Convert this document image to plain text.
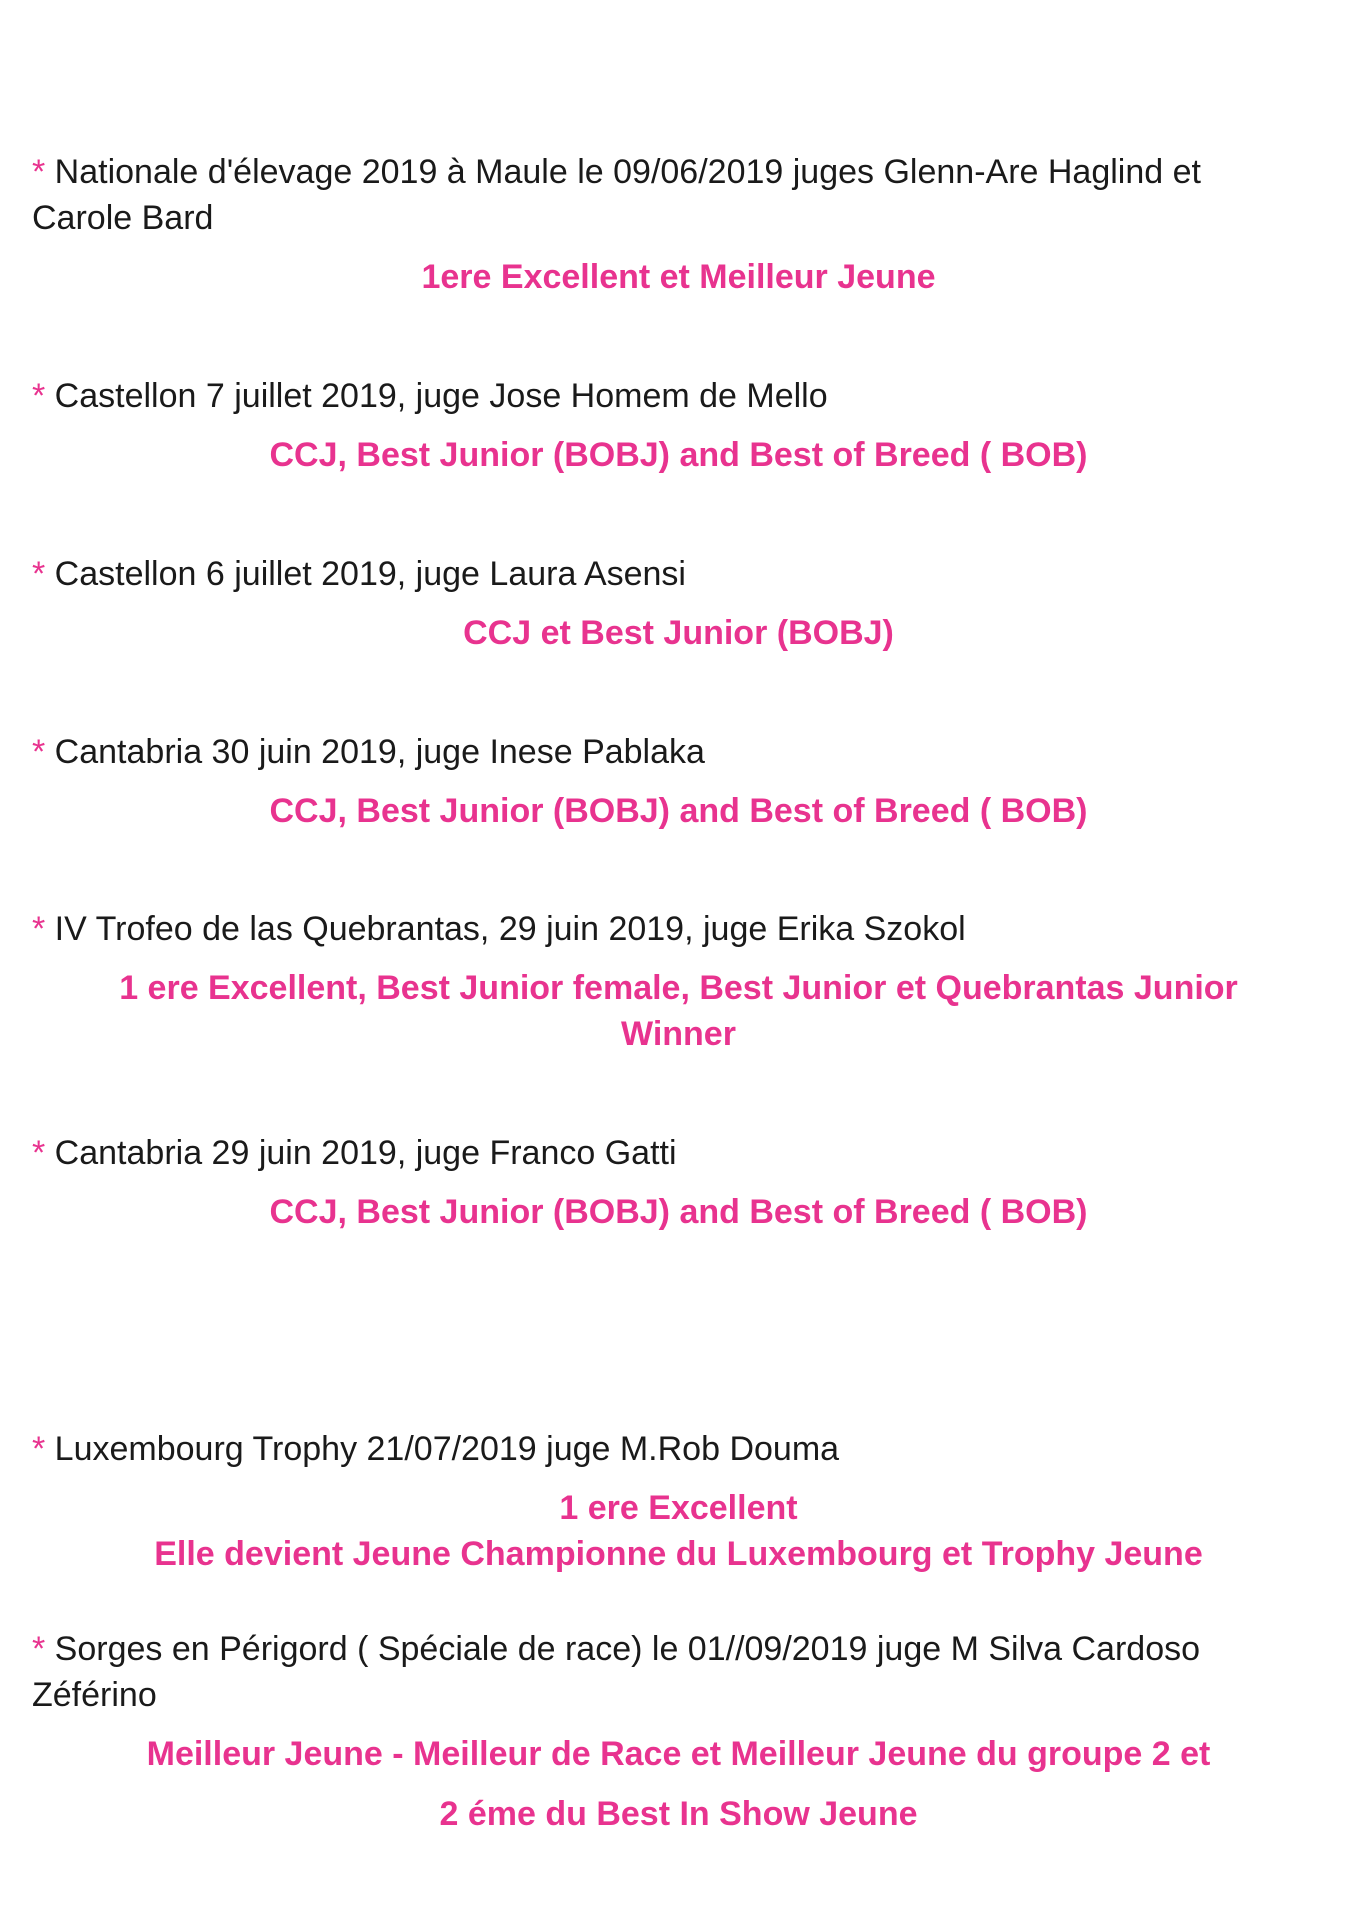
* Nationale d'élevage 2019 à Maule le 09/06/2019 juges Glenn-Are Haglind et
Carole Bard
1ere Excellent et Meilleur Jeune
* Castellon 7 juillet 2019, juge Jose Homem de Mello
CCJ, Best Junior (BOBJ) and Best of Breed ( BOB)
* Castellon 6 juillet 2019, juge Laura Asensi
CCJ et Best Junior (BOBJ)
* Cantabria 30 juin 2019, juge Inese Pablaka
CCJ, Best Junior (BOBJ) and Best of Breed ( BOB)
* IV Trofeo de las Quebrantas, 29 juin 2019, juge Erika Szokol
1 ere Excellent, Best Junior female, Best Junior et Quebrantas Junior
Winner
* Cantabria 29 juin 2019, juge Franco Gatti
CCJ, Best Junior (BOBJ) and Best of Breed ( BOB)
* Luxembourg Trophy 21/07/2019 juge M.Rob Douma
1 ere Excellent
Elle devient Jeune Championne du Luxembourg et Trophy Jeune
* Sorges en Périgord ( Spéciale de race) le 01//09/2019 juge M Silva Cardoso
Zéférino
Meilleur Jeune - Meilleur de Race et Meilleur Jeune du groupe 2 et
2 éme du Best In Show Jeune
